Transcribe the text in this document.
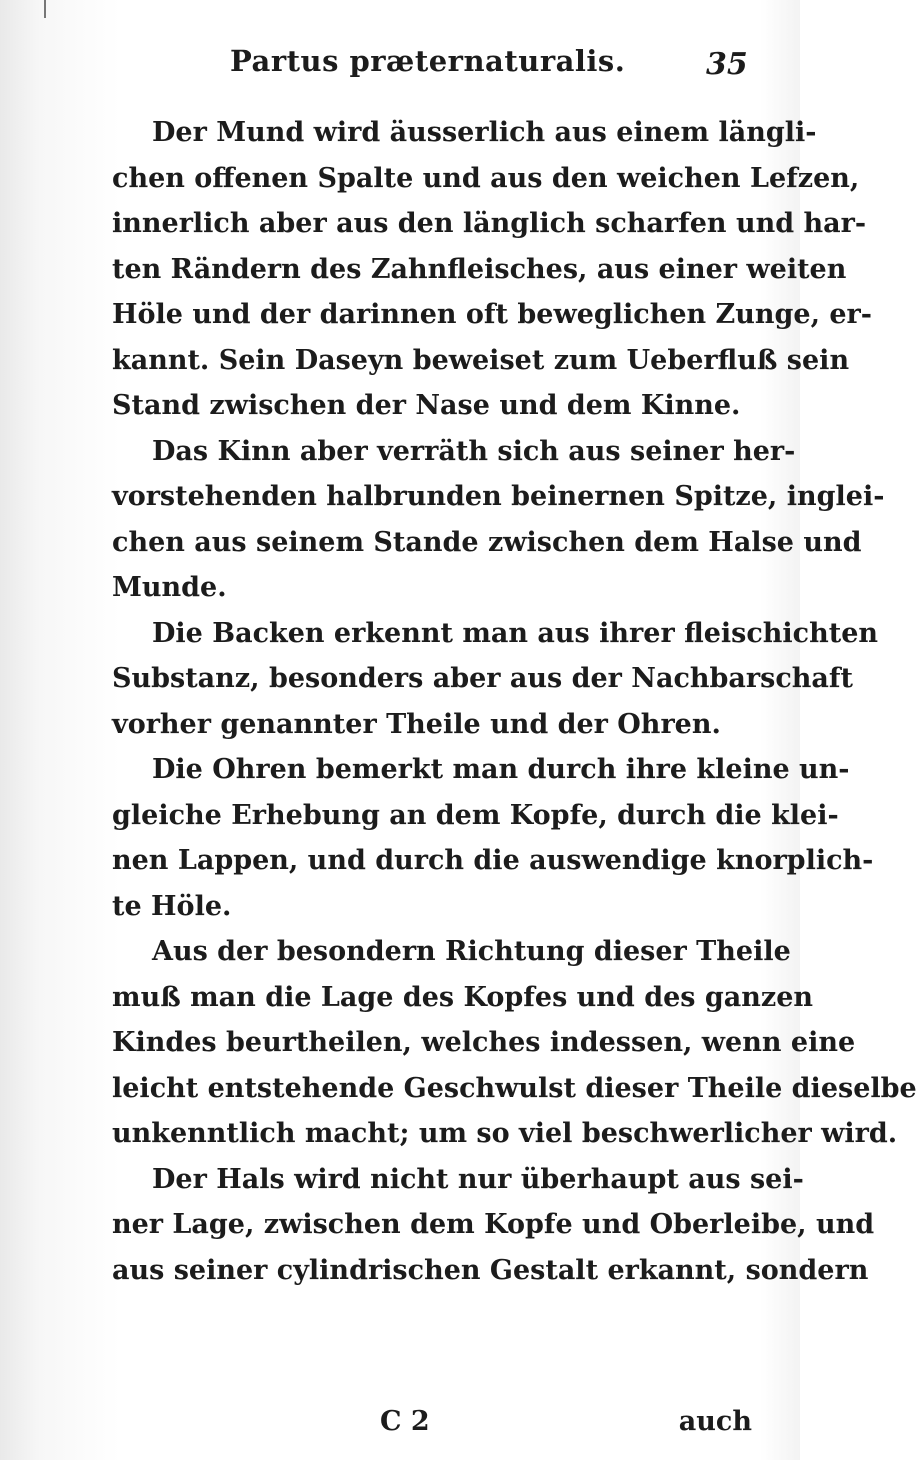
Partus præternaturalis.	35

Der Mund wird äusserlich aus einem längli-
chen offenen Spalte und aus den weichen Lefzen,
innerlich aber aus den länglich scharfen und har-
ten Rändern des Zahnfleisches, aus einer weiten
Höle und der darinnen oft beweglichen Zunge, er-
kannt. Sein Daseyn beweiset zum Ueberfluß sein
Stand zwischen der Nase und dem Kinne.

Das Kinn aber verräth sich aus seiner her-
vorstehenden halbrunden beinernen Spitze, inglei-
chen aus seinem Stande zwischen dem Halse und
Munde.

Die Backen erkennt man aus ihrer fleischichten
Substanz, besonders aber aus der Nachbarschaft
vorher genannter Theile und der Ohren.

Die Ohren bemerkt man durch ihre kleine un-
gleiche Erhebung an dem Kopfe, durch die klei-
nen Lappen, und durch die auswendige knorplich-
te Höle.

Aus der besondern Richtung dieser Theile
muß man die Lage des Kopfes und des ganzen
Kindes beurtheilen, welches indessen, wenn eine
leicht entstehende Geschwulst dieser Theile dieselbe
unkenntlich macht; um so viel beschwerlicher wird.

Der Hals wird nicht nur überhaupt aus sei-
ner Lage, zwischen dem Kopfe und Oberleibe, und
aus seiner cylindrischen Gestalt erkannt, sondern

C 2	auch
